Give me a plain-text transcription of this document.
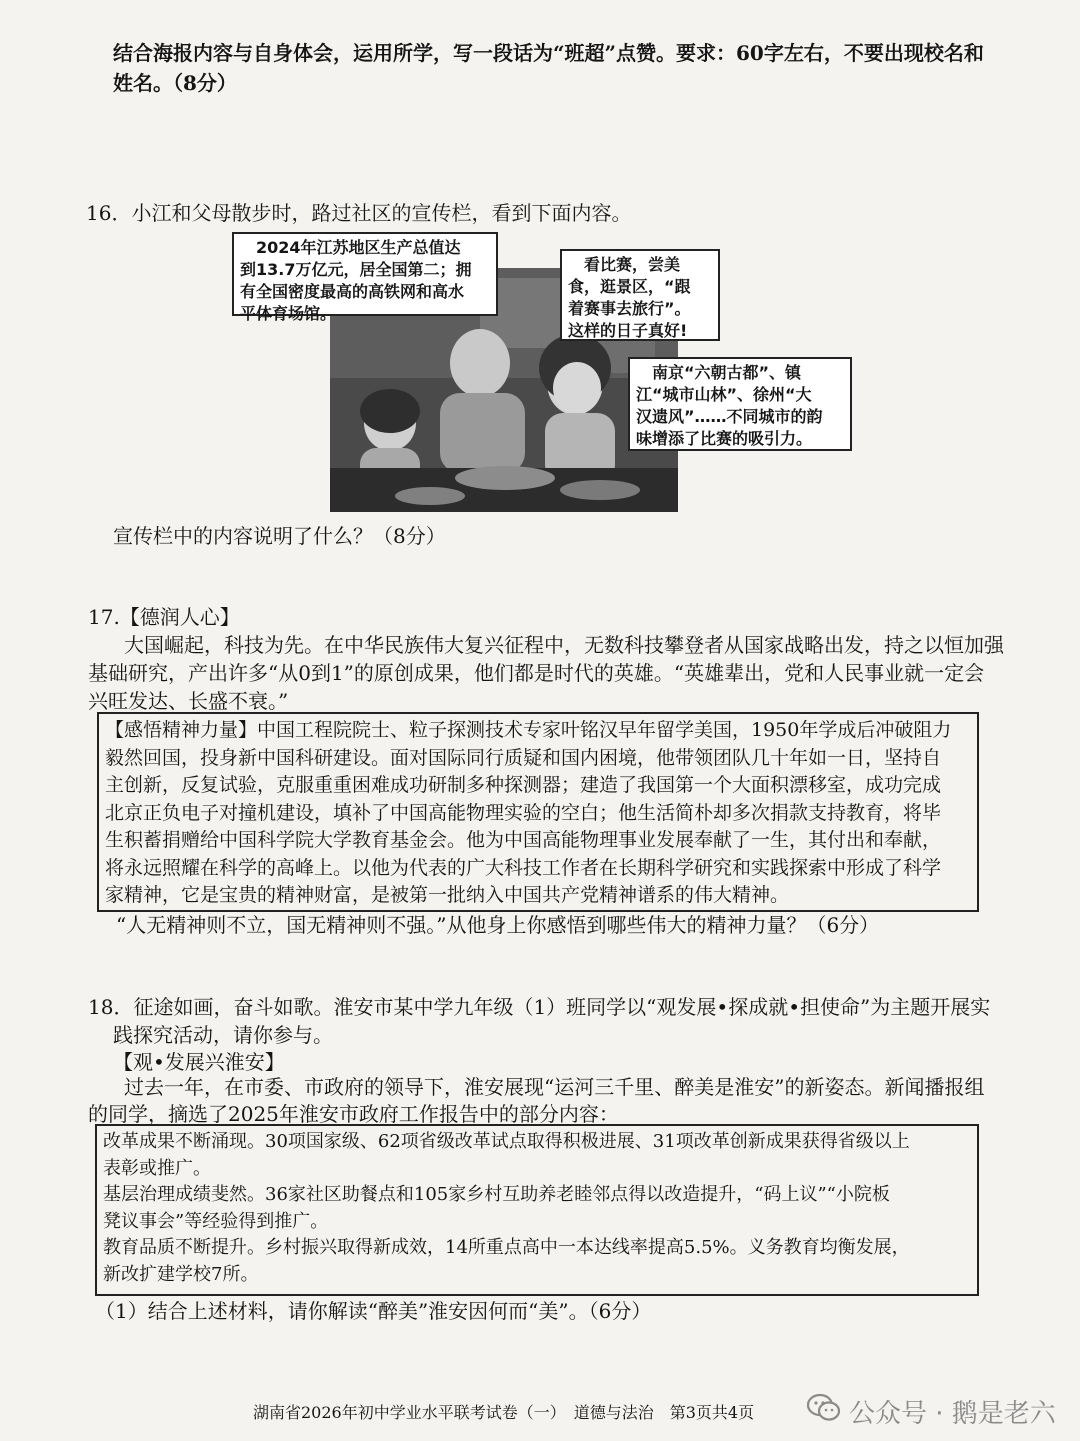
结合海报内容与自身体会，运用所学，写一段话为“班超”点赞。要求：60字左右，不要出现校名和
姓名。（8分）
16．小江和父母散步时，路过社区的宣传栏，看到下面内容。
2024年江苏地区生产总值达
到13.7万亿元，居全国第二；拥
有全国密度最高的高铁网和高水
平体育场馆。
看比赛，尝美
食，逛景区，“跟
着赛事去旅行”。
这样的日子真好!
南京“六朝古都”、镇
江“城市山林”、徐州“大
汉遗风”……不同城市的韵
味增添了比赛的吸引力。
宣传栏中的内容说明了什么？（8分）
17.【德润人心】
大国崛起，科技为先。在中华民族伟大复兴征程中，无数科技攀登者从国家战略出发，持之以恒加强
基础研究，产出许多“从0到1”的原创成果，他们都是时代的英雄。“英雄辈出，党和人民事业就一定会
兴旺发达、长盛不衰。”
【感悟精神力量】中国工程院院士、粒子探测技术专家叶铭汉早年留学美国，1950年学成后冲破阻力
毅然回国，投身新中国科研建设。面对国际同行质疑和国内困境，他带领团队几十年如一日，坚持自
主创新，反复试验，克服重重困难成功研制多种探测器；建造了我国第一个大面积漂移室，成功完成
北京正负电子对撞机建设，填补了中国高能物理实验的空白；他生活简朴却多次捐款支持教育，将毕
生积蓄捐赠给中国科学院大学教育基金会。他为中国高能物理事业发展奉献了一生，其付出和奉献，
将永远照耀在科学的高峰上。以他为代表的广大科技工作者在长期科学研究和实践探索中形成了科学
家精神，它是宝贵的精神财富，是被第一批纳入中国共产党精神谱系的伟大精神。
“人无精神则不立，国无精神则不强。”从他身上你感悟到哪些伟大的精神力量？（6分）
18．征途如画，奋斗如歌。淮安市某中学九年级（1）班同学以“观发展•探成就•担使命”为主题开展实
践探究活动，请你参与。
【观•发展兴淮安】
过去一年，在市委、市政府的领导下，淮安展现“运河三千里、醉美是淮安”的新姿态。新闻播报组
的同学，摘选了2025年淮安市政府工作报告中的部分内容：
改革成果不断涌现。30项国家级、62项省级改革试点取得积极进展、31项改革创新成果获得省级以上
表彰或推广。
基层治理成绩斐然。36家社区助餐点和105家乡村互助养老睦邻点得以改造提升，“码上议”“小院板
凳议事会”等经验得到推广。
教育品质不断提升。乡村振兴取得新成效，14所重点高中一本达线率提高5.5%。义务教育均衡发展，
新改扩建学校7所。
（1）结合上述材料，请你解读“醉美”淮安因何而“美”。（6分）
湖南省2026年初中学业水平联考试卷（一）　道德与法治　第3页共4页	公众号 · 鹅是老六
